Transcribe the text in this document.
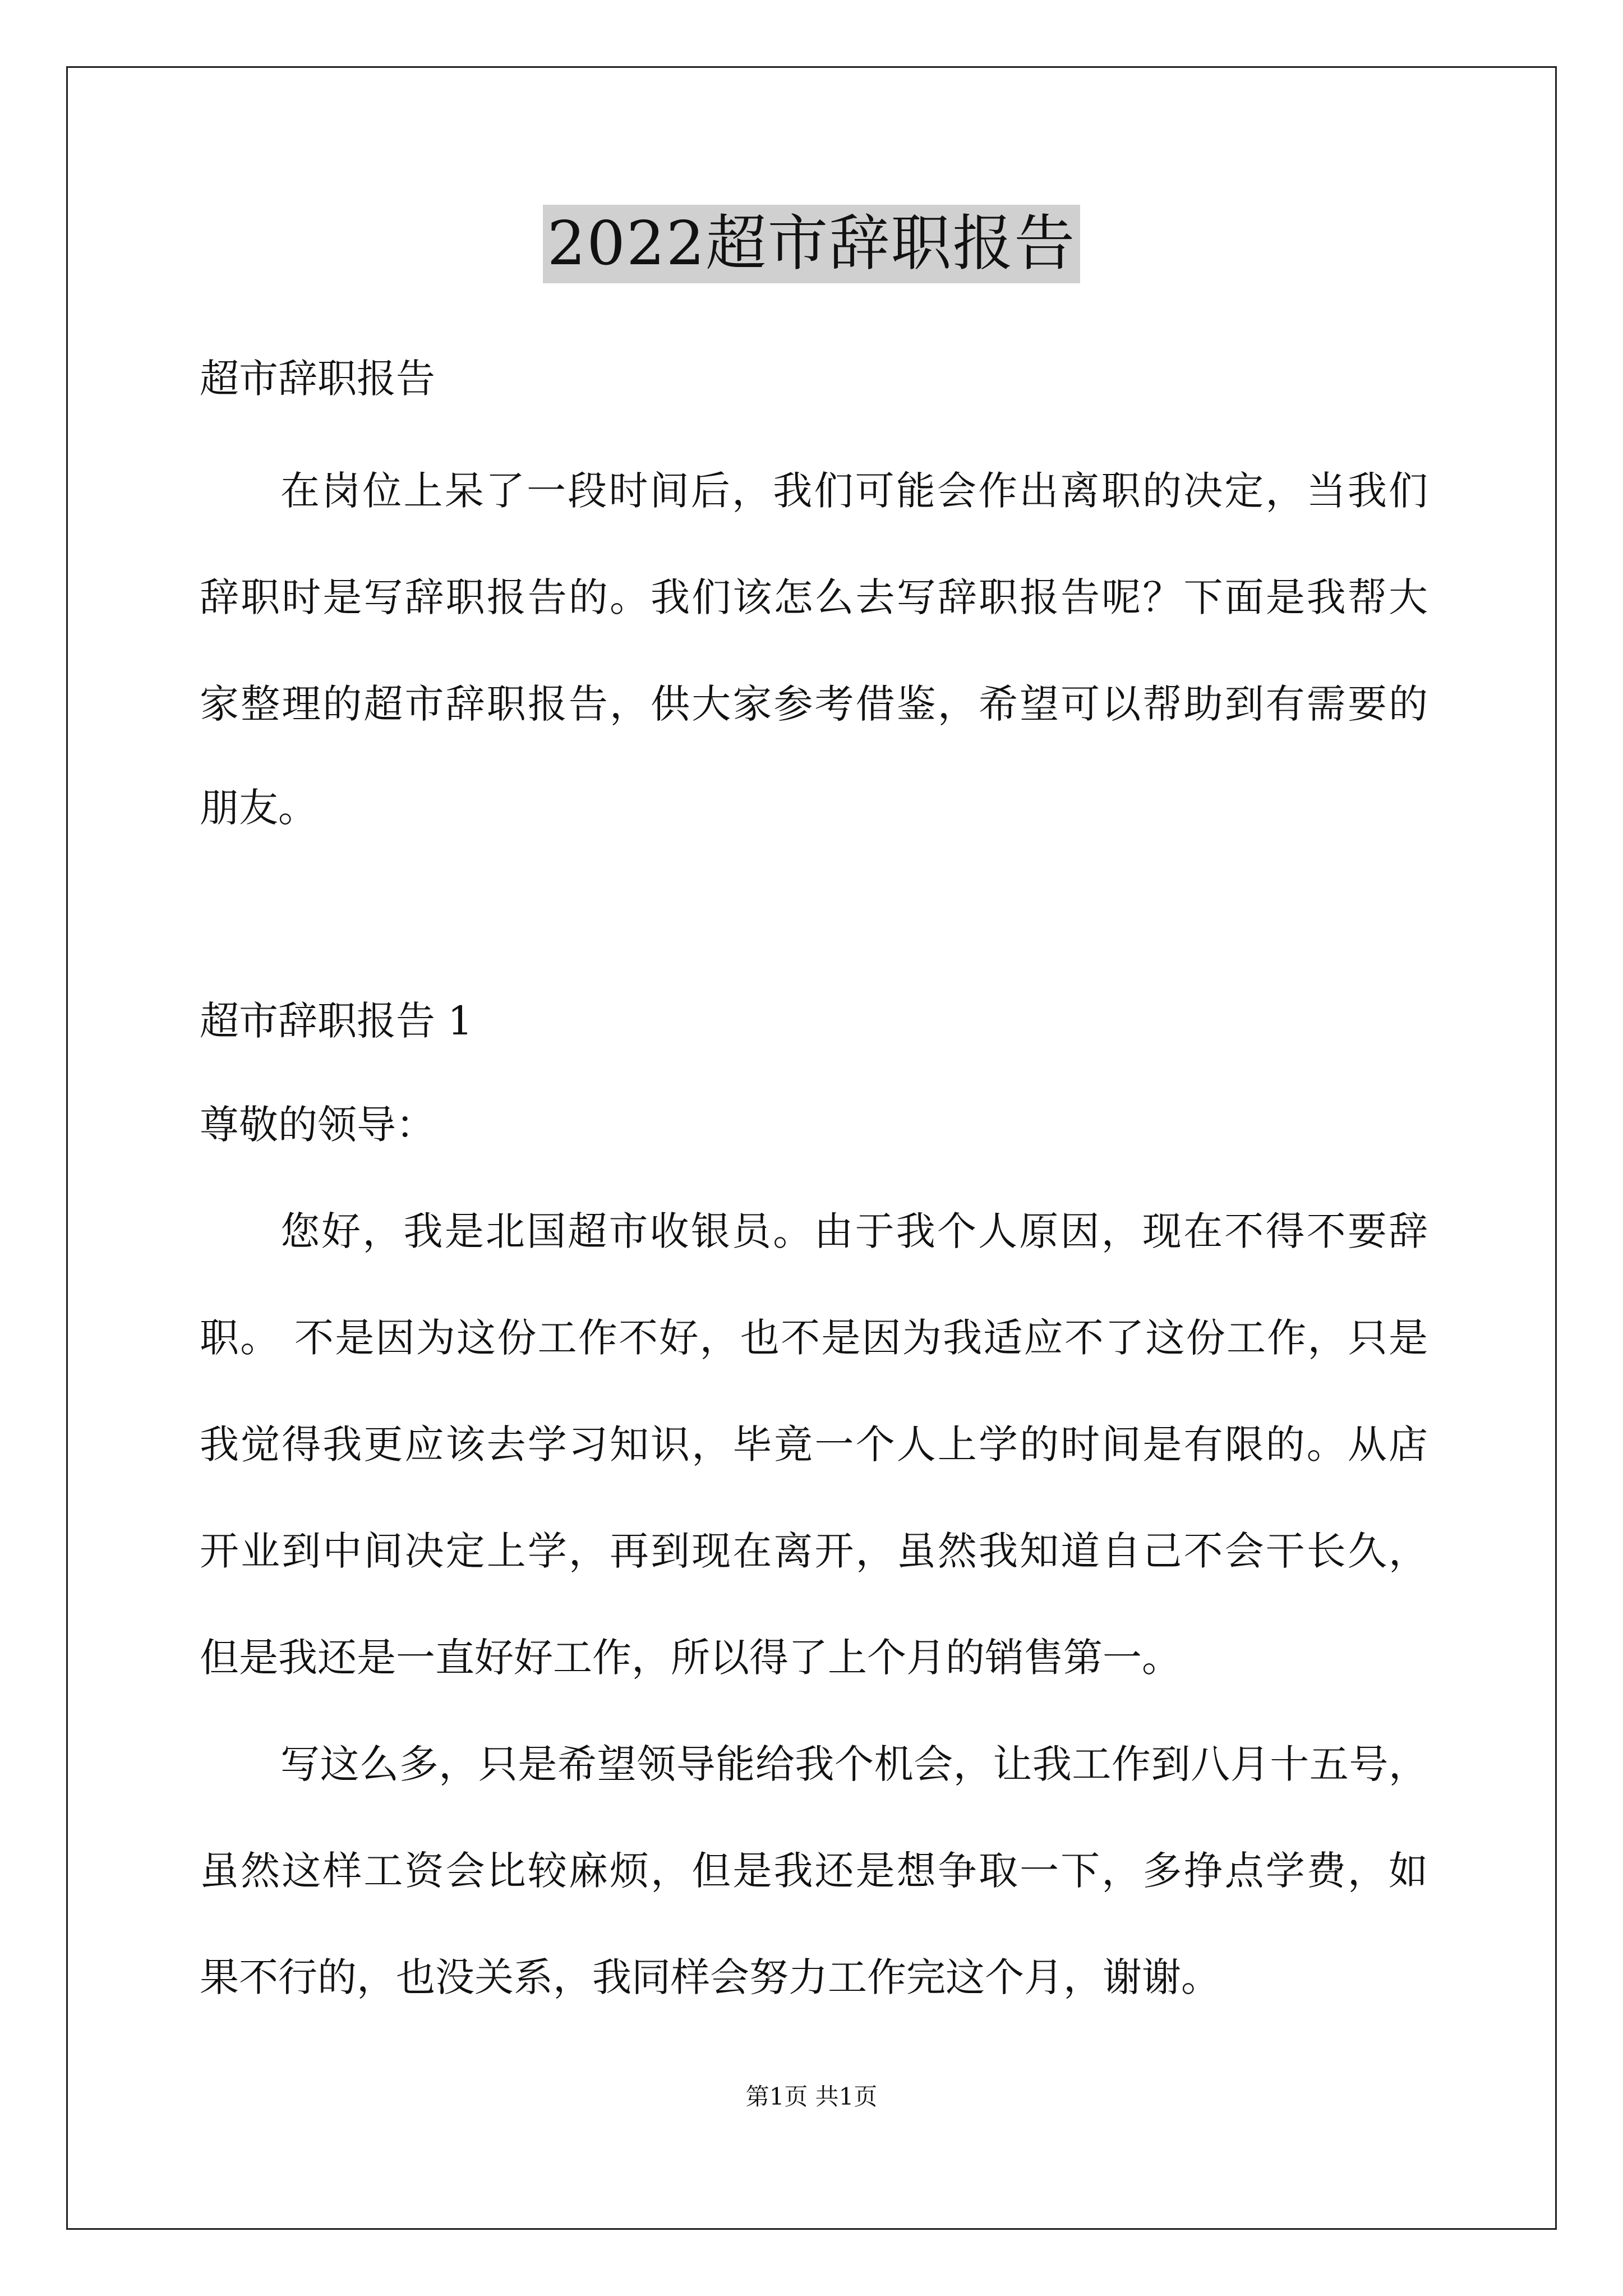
2022超市辞职报告
超市辞职报告
在岗位上呆了一段时间后，我们可能会作出离职的决定，当我们
辞职时是写辞职报告的。我们该怎么去写辞职报告呢？下面是我帮大
家整理的超市辞职报告，供大家参考借鉴，希望可以帮助到有需要的
朋友。
超市辞职报告 1
尊敬的领导：
您好，我是北国超市收银员。由于我个人原因，现在不得不要辞
职。 不是因为这份工作不好，也不是因为我适应不了这份工作，只是
我觉得我更应该去学习知识，毕竟一个人上学的时间是有限的。从店
开业到中间决定上学，再到现在离开，虽然我知道自己不会干长久，
但是我还是一直好好工作，所以得了上个月的销售第一。
写这么多，只是希望领导能给我个机会，让我工作到八月十五号，
虽然这样工资会比较麻烦，但是我还是想争取一下，多挣点学费，如
果不行的，也没关系，我同样会努力工作完这个月，谢谢。
第1页 共1页
